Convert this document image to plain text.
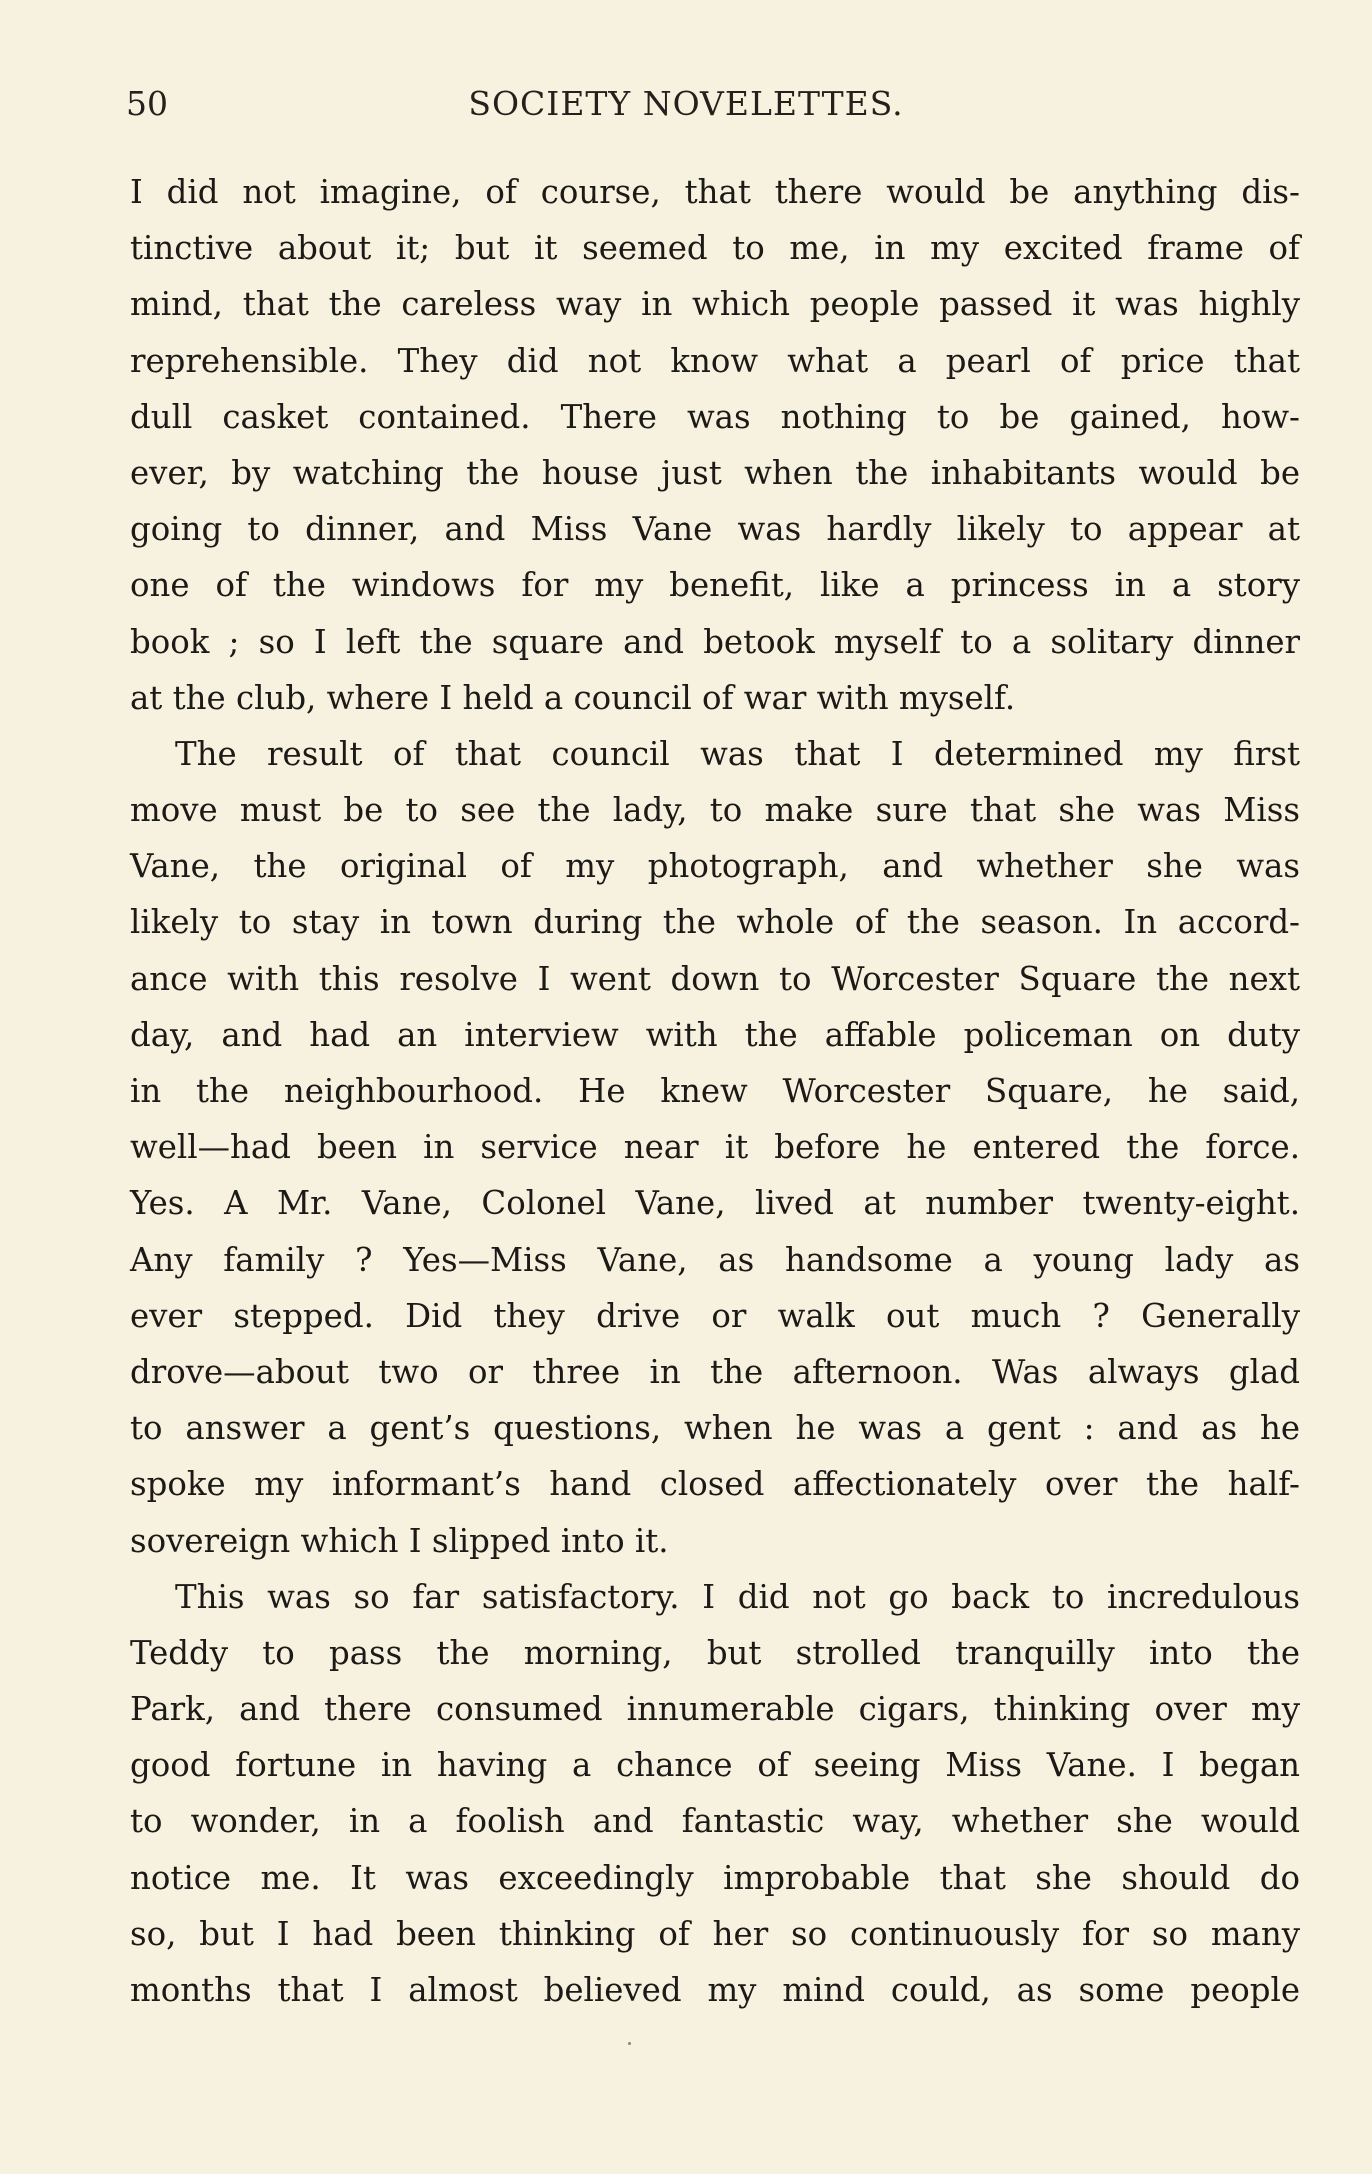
50	SOCIETY NOVELETTES.

I did not imagine, of course, that there would be anything dis-
tinctive about it; but it seemed to me, in my excited frame of
mind, that the careless way in which people passed it was highly
reprehensible. They did not know what a pearl of price that
dull casket contained. There was nothing to be gained, how-
ever, by watching the house just when the inhabitants would be
going to dinner, and Miss Vane was hardly likely to appear at
one of the windows for my benefit, like a princess in a story
book ; so I left the square and betook myself to a solitary dinner
at the club, where I held a council of war with myself.

The result of that council was that I determined my first
move must be to see the lady, to make sure that she was Miss
Vane, the original of my photograph, and whether she was
likely to stay in town during the whole of the season. In accord-
ance with this resolve I went down to Worcester Square the next
day, and had an interview with the affable policeman on duty
in the neighbourhood. He knew Worcester Square, he said,
well—had been in service near it before he entered the force.
Yes. A Mr. Vane, Colonel Vane, lived at number twenty-eight.
Any family ? Yes—Miss Vane, as handsome a young lady as
ever stepped. Did they drive or walk out much ? Generally
drove—about two or three in the afternoon. Was always glad
to answer a gent’s questions, when he was a gent : and as he
spoke my informant’s hand closed affectionately over the half-
sovereign which I slipped into it.

This was so far satisfactory. I did not go back to incredulous
Teddy to pass the morning, but strolled tranquilly into the
Park, and there consumed innumerable cigars, thinking over my
good fortune in having a chance of seeing Miss Vane. I began
to wonder, in a foolish and fantastic way, whether she would
notice me. It was exceedingly improbable that she should do
so, but I had been thinking of her so continuously for so many
months that I almost believed my mind could, as some people
